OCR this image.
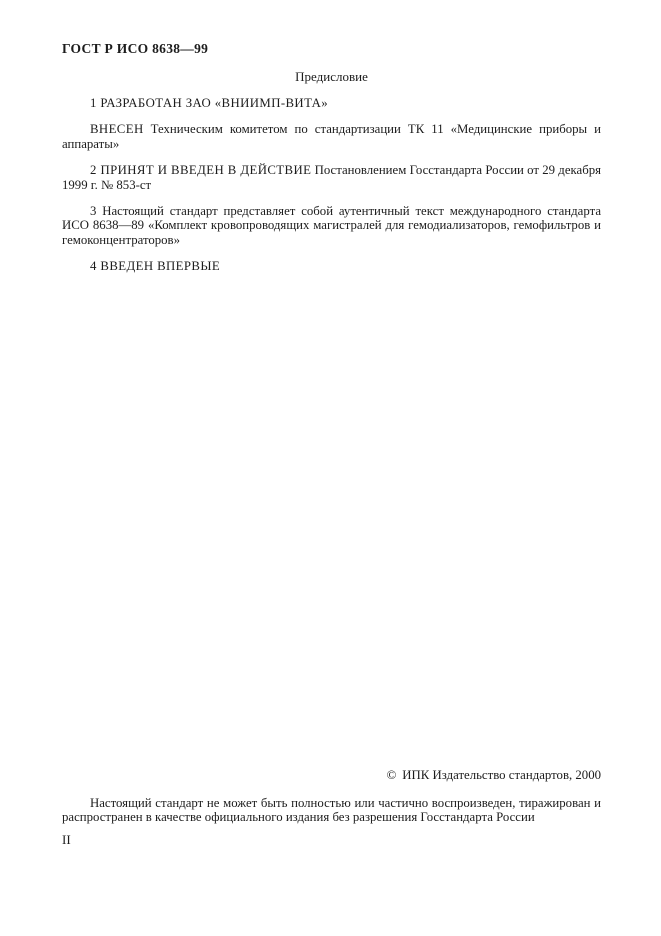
ГОСТ Р ИСО 8638—99

Предисловие

1 РАЗРАБОТАН ЗАО «ВНИИМП-ВИТА»

ВНЕСЕН Техническим комитетом по стандартизации ТК 11 «Медицинские приборы и аппараты»

2 ПРИНЯТ И ВВЕДЕН В ДЕЙСТВИЕ Постановлением Госстандарта России от 29 декабря 1999 г. № 853-ст

3 Настоящий стандарт представляет собой аутентичный текст международного стандарта ИСО 8638—89 «Комплект кровопроводящих магистралей для гемодиализаторов, гемофильтров и гемоконцентраторов»

4 ВВЕДЕН ВПЕРВЫЕ

© ИПК Издательство стандартов, 2000

Настоящий стандарт не может быть полностью или частично воспроизведен, тиражирован и распространен в качестве официального издания без разрешения Госстандарта России

II
